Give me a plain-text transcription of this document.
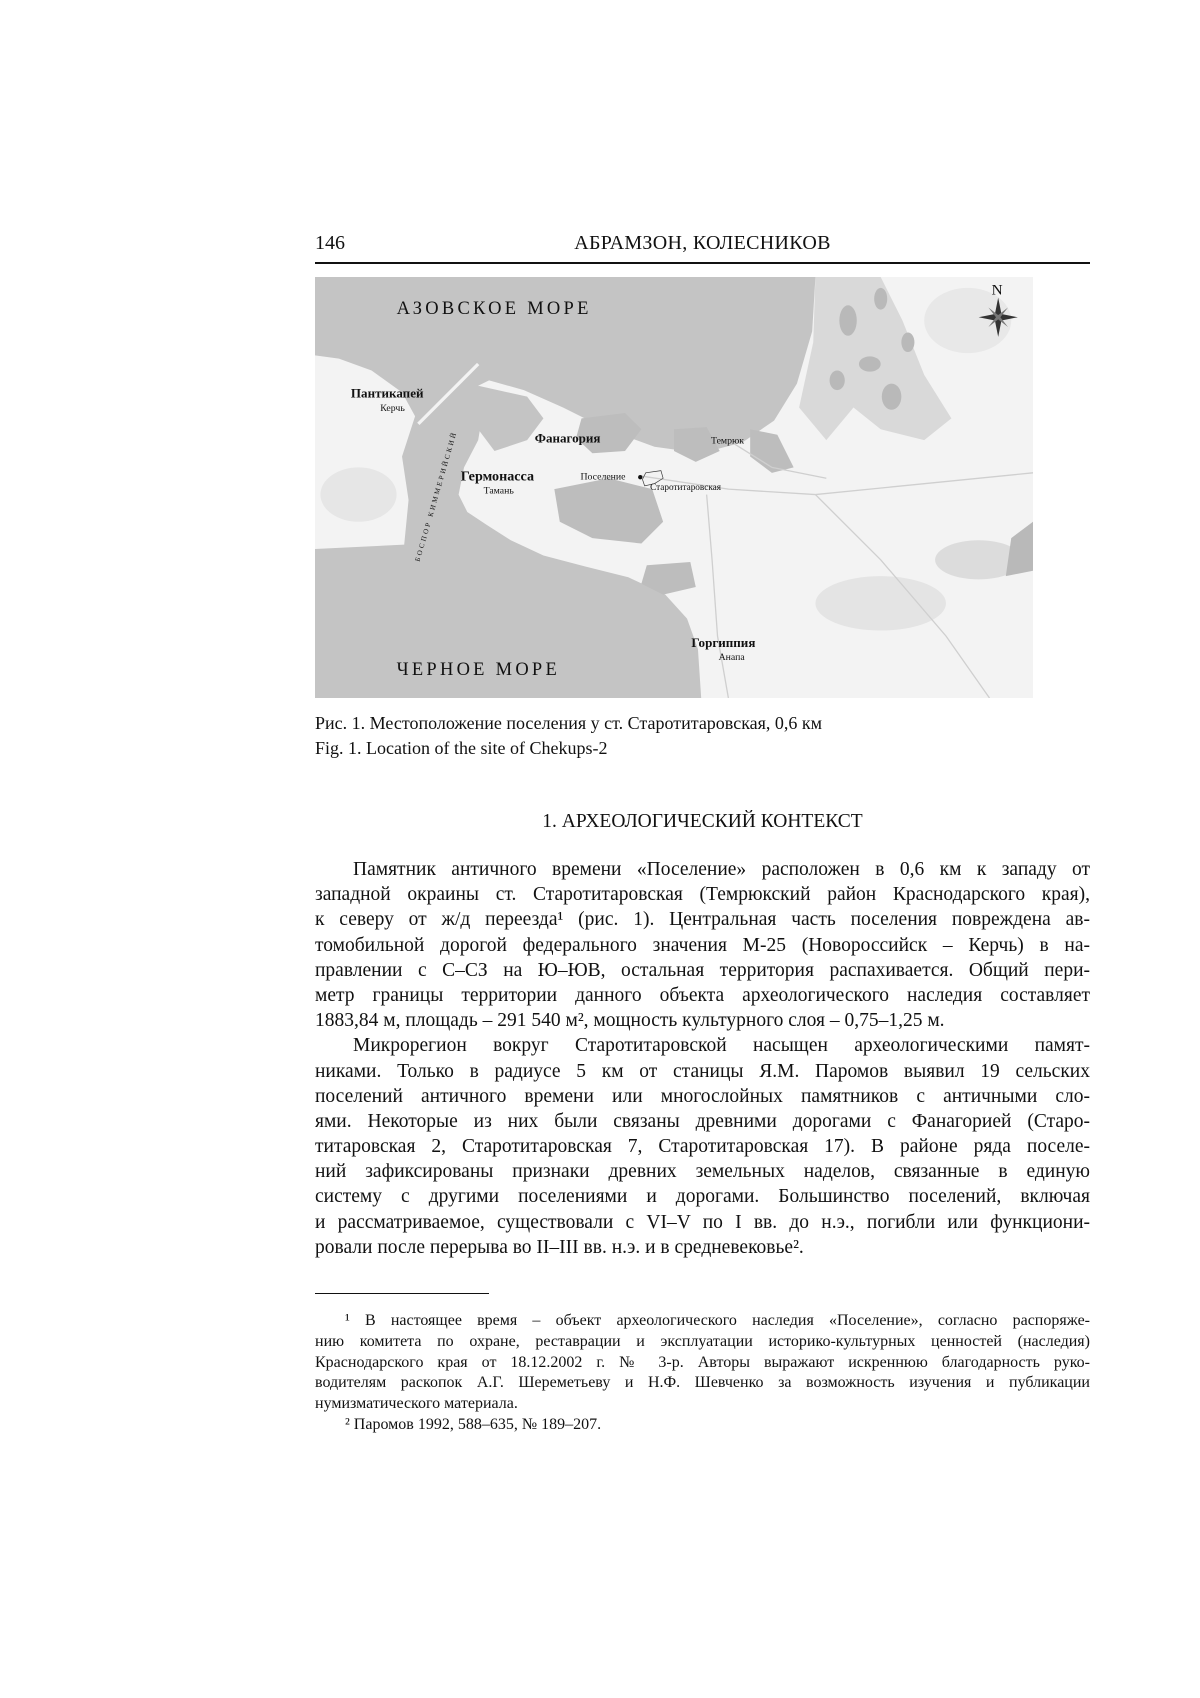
146	АБРАМЗОН, КОЛЕСНИКОВ
N
АЗОВСКОЕ МОРЕ
ЧЕРНОЕ МОРЕ
БОСПОР КИММЕРИЙСКИЙ
Пантикапей
Керчь
Фанагория	Темрюк
Гермонасса
Тамань
Поселение
Старотитаровская
Горгиппия
Анапа
Рис. 1. Местоположение поселения у ст. Старотитаровская, 0,6 км
Fig. 1. Location of the site of Chekups-2
1. АРХЕОЛОГИЧЕСКИЙ КОНТЕКСТ
Памятник античного времени «Поселение» расположен в 0,6 км к западу от
западной окраины ст. Старотитаровская (Темрюкский район Краснодарского края),
к северу от ж/д переезда¹ (рис. 1). Центральная часть поселения повреждена ав-
томобильной дорогой федерального значения М-25 (Новороссийск – Керчь) в на-
правлении с С–СЗ на Ю–ЮВ, остальная территория распахивается. Общий пери-
метр границы территории данного объекта археологического наследия составляет
1883,84 м, площадь – 291 540 м², мощность культурного слоя – 0,75–1,25 м.
Микрорегион вокруг Старотитаровской насыщен археологическими памят-
никами. Только в радиусе 5 км от станицы Я.М. Паромов выявил 19 сельских
поселений античного времени или многослойных памятников с античными сло-
ями. Некоторые из них были связаны древними дорогами с Фанагорией (Старо-
титаровская 2, Старотитаровская 7, Старотитаровская 17). В районе ряда поселе-
ний зафиксированы признаки древних земельных наделов, связанные в единую
систему с другими поселениями и дорогами. Большинство поселений, включая
и рассматриваемое, существовали с VI–V по I вв. до н.э., погибли или функциони-
ровали после перерыва во II–III вв. н.э. и в средневековье².
¹ В настоящее время – объект археологического наследия «Поселение», согласно распоряже-
нию комитета по охране, реставрации и эксплуатации историко-культурных ценностей (наследия)
Краснодарского края от 18.12.2002 г. № 3-р. Авторы выражают искреннюю благодарность руко-
водителям раскопок А.Г. Шереметьеву и Н.Ф. Шевченко за возможность изучения и публикации
нумизматического материала.
² Паромов 1992, 588–635, № 189–207.
